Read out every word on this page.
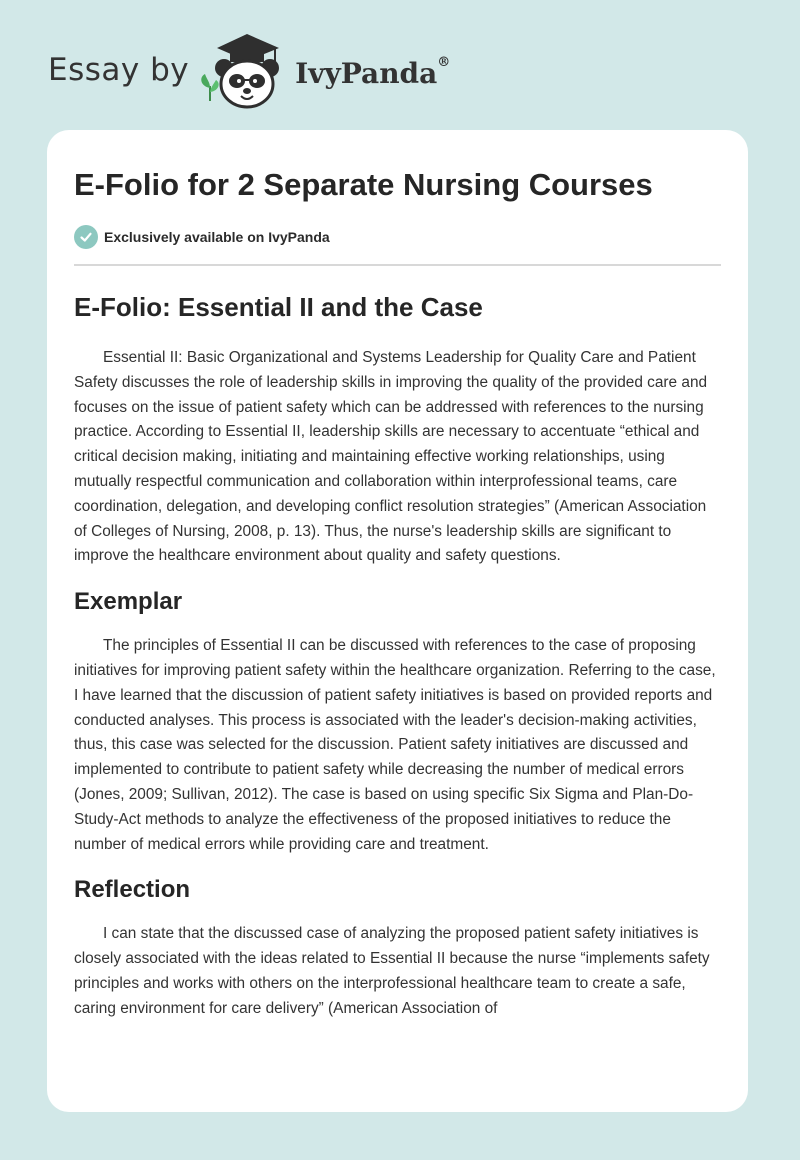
Essay by	IvyPanda®
E-Folio for 2 Separate Nursing Courses
Exclusively available on IvyPanda
E-Folio: Essential II and the Case

Essential II: Basic Organizational and Systems Leadership for Quality Care and Patient Safety discusses the role of leadership skills in improving the quality of the provided care and focuses on the issue of patient safety which can be addressed with references to the nursing practice. According to Essential II, leadership skills are necessary to accentuate “ethical and critical decision making, initiating and maintaining effective working relationships, using mutually respectful communication and collaboration within interprofessional teams, care coordination, delegation, and developing conflict resolution strategies” (American Association of Colleges of Nursing, 2008, p. 13). Thus, the nurse's leadership skills are significant to improve the healthcare environment about quality and safety questions.

Exemplar

The principles of Essential II can be discussed with references to the case of proposing initiatives for improving patient safety within the healthcare organization. Referring to the case, I have learned that the discussion of patient safety initiatives is based on provided reports and conducted analyses. This process is associated with the leader's decision-making activities, thus, this case was selected for the discussion. Patient safety initiatives are discussed and implemented to contribute to patient safety while decreasing the number of medical errors (Jones, 2009; Sullivan, 2012). The case is based on using specific Six Sigma and Plan-Do-Study-Act methods to analyze the effectiveness of the proposed initiatives to reduce the number of medical errors while providing care and treatment.

Reflection

I can state that the discussed case of analyzing the proposed patient safety initiatives is closely associated with the ideas related to Essential II because the nurse “implements safety principles and works with others on the interprofessional healthcare team to create a safe, caring environment for care delivery” (American Association of
